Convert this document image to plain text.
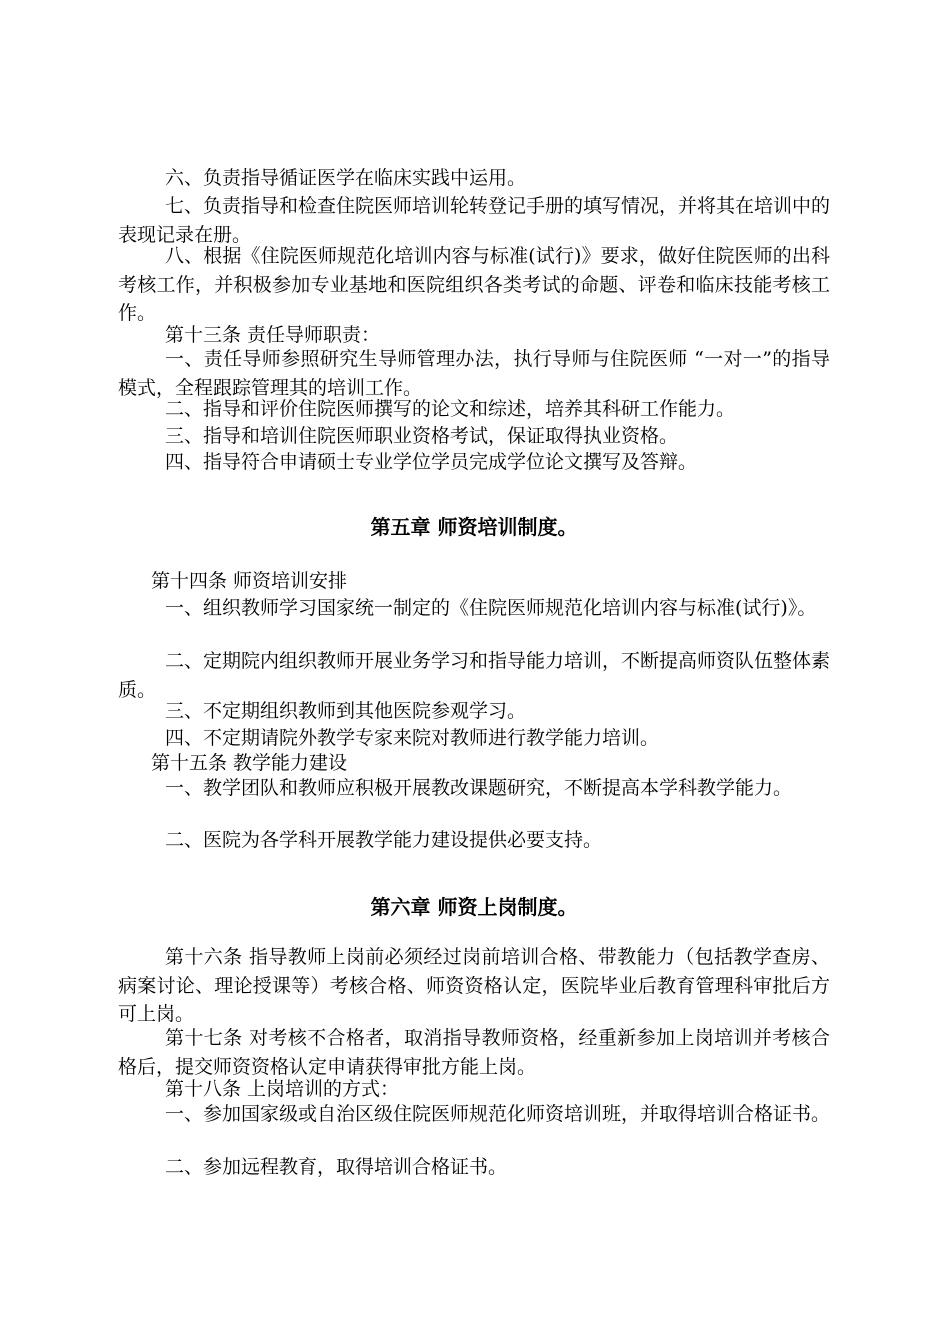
六、负责指导循证医学在临床实践中运用。
七、负责指导和检查住院医师培训轮转登记手册的填写情况，并将其在培训中的表现记录在册。
八、根据《住院医师规范化培训内容与标准(试行)》要求，做好住院医师的出科考核工作，并积极参加专业基地和医院组织各类考试的命题、评卷和临床技能考核工作。
第十三条 责任导师职责：
一、责任导师参照研究生导师管理办法，执行导师与住院医师 “一对一”的指导模式，全程跟踪管理其的培训工作。
二、指导和评价住院医师撰写的论文和综述，培养其科研工作能力。
三、指导和培训住院医师职业资格考试，保证取得执业资格。
四、指导符合申请硕士专业学位学员完成学位论文撰写及答辩。
第五章 师资培训制度。
第十四条 师资培训安排
一、组织教师学习国家统一制定的《住院医师规范化培训内容与标准(试行)》。
二、定期院内组织教师开展业务学习和指导能力培训，不断提高师资队伍整体素质。
三、不定期组织教师到其他医院参观学习。
四、不定期请院外教学专家来院对教师进行教学能力培训。
第十五条 教学能力建设
一、教学团队和教师应积极开展教改课题研究，不断提高本学科教学能力。
二、医院为各学科开展教学能力建设提供必要支持。
第六章 师资上岗制度。
第十六条 指导教师上岗前必须经过岗前培训合格、带教能力（包括教学查房、病案讨论、理论授课等）考核合格、师资资格认定，医院毕业后教育管理科审批后方可上岗。
第十七条 对考核不合格者，取消指导教师资格，经重新参加上岗培训并考核合格后，提交师资资格认定申请获得审批方能上岗。
第十八条 上岗培训的方式：
一、参加国家级或自治区级住院医师规范化师资培训班，并取得培训合格证书。
二、参加远程教育，取得培训合格证书。
